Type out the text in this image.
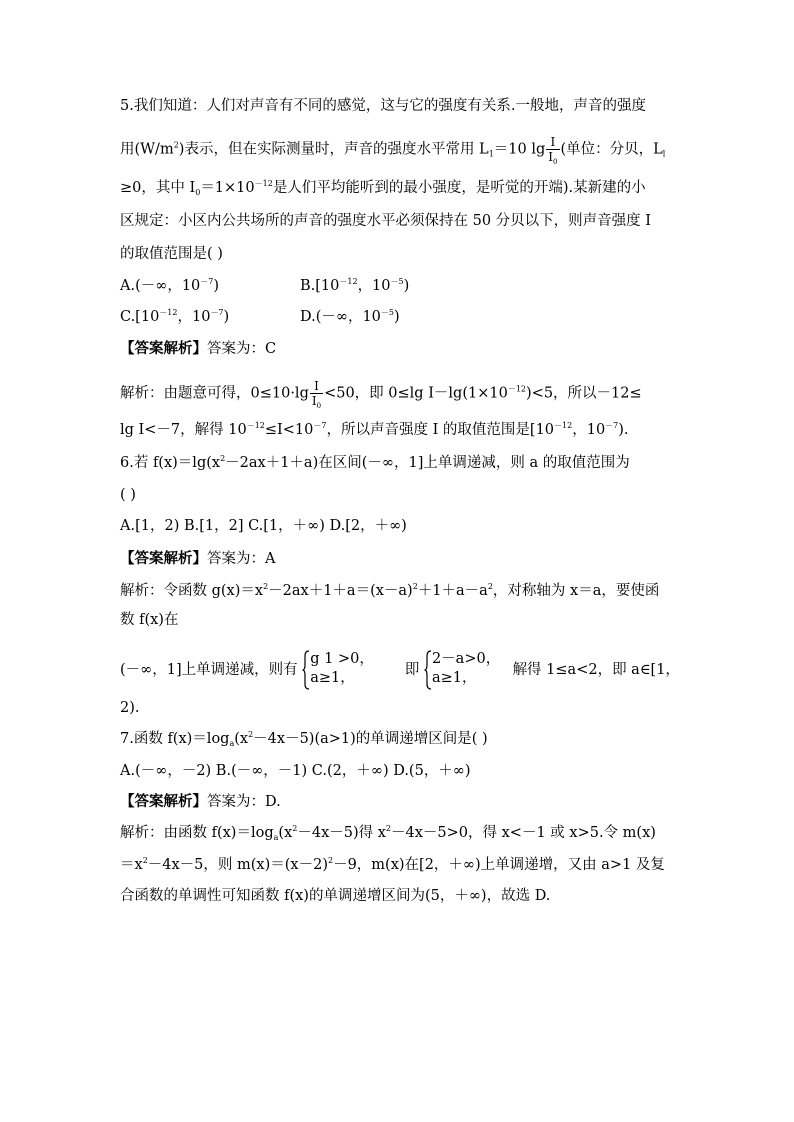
5.我们知道：人们对声音有不同的感觉，这与它的强度有关系.一般地，声音的强度
用$(W/m^2)$表示，但在实际测量时，声音的强度水平常用 $L_1=10$ $\lg \frac{I}{I_0}$ (单位：分贝，$L_l$
≥0，其中 $I_0=1\times 10^{-12}$是人们平均能听到的最小强度，是听觉的开端).某新建的小
区规定：小区内公共场所的声音的强度水平必须保持在 50 分贝以下，则声音强度 I
的取值范围是( )
A.(－∞，$10^{-7}$)	$B.[10^{-12}$，$10^{-5}$)
$C.[10^{-12}$，$10^{-7}$)	D.(－∞，$10^{-5}$)
【答案解析】答案为：C
解析：由题意可得，$0\le 10\cdot\lg \frac{I}{I_0} <50$，即 0≤lg $I-\lg(1\times 10^{-12})<5$，所以－12≤
lg I<－7，解得 $10^{-12}\le I<10^{-7}$，所以声音强度 I 的取值范围是[$10^{-12}$，$10^{-7}$).
6.若 $f(x)=\lg(x^2-2ax+1+a)$在区间(－∞，1]上单调递减，则 a 的取值范围为
( )
A.[1，2) B.[1，2] C.[1，＋∞) D.[2，＋∞)
【答案解析】答案为：A
解析：令函数 $g(x)=x^2-2ax+1+a=(x-a)^2+1+a-a^2$，对称轴为 x＝a，要使函
数 f(x)在
(－∞，1]上单调递减，则有
g 1 >0，
a≥1，	即
2－a>0，
a≥1，	解得 1≤a<2，即 a∈[1，
2).
7.函数 $f(x)=\log_a(x^2-4x-5)(a>1)$的单调递增区间是( )
A.(－∞，－2) B.(－∞，－1) C.(2，＋∞) D.(5，＋∞)
【答案解析】答案为：D.
解析：由函数 $f(x)=\log_a(x^2-4x-5)$得 $x^2-4x-5>0$，得 x<－1 或 x>5.令 m(x)
$=x^2-4x-5$，则 $m(x)=(x-2)^2-9$，m(x)在[2，＋∞)上单调递增，又由 a>1 及复
合函数的单调性可知函数 f(x)的单调递增区间为(5，＋∞)，故选 D.
